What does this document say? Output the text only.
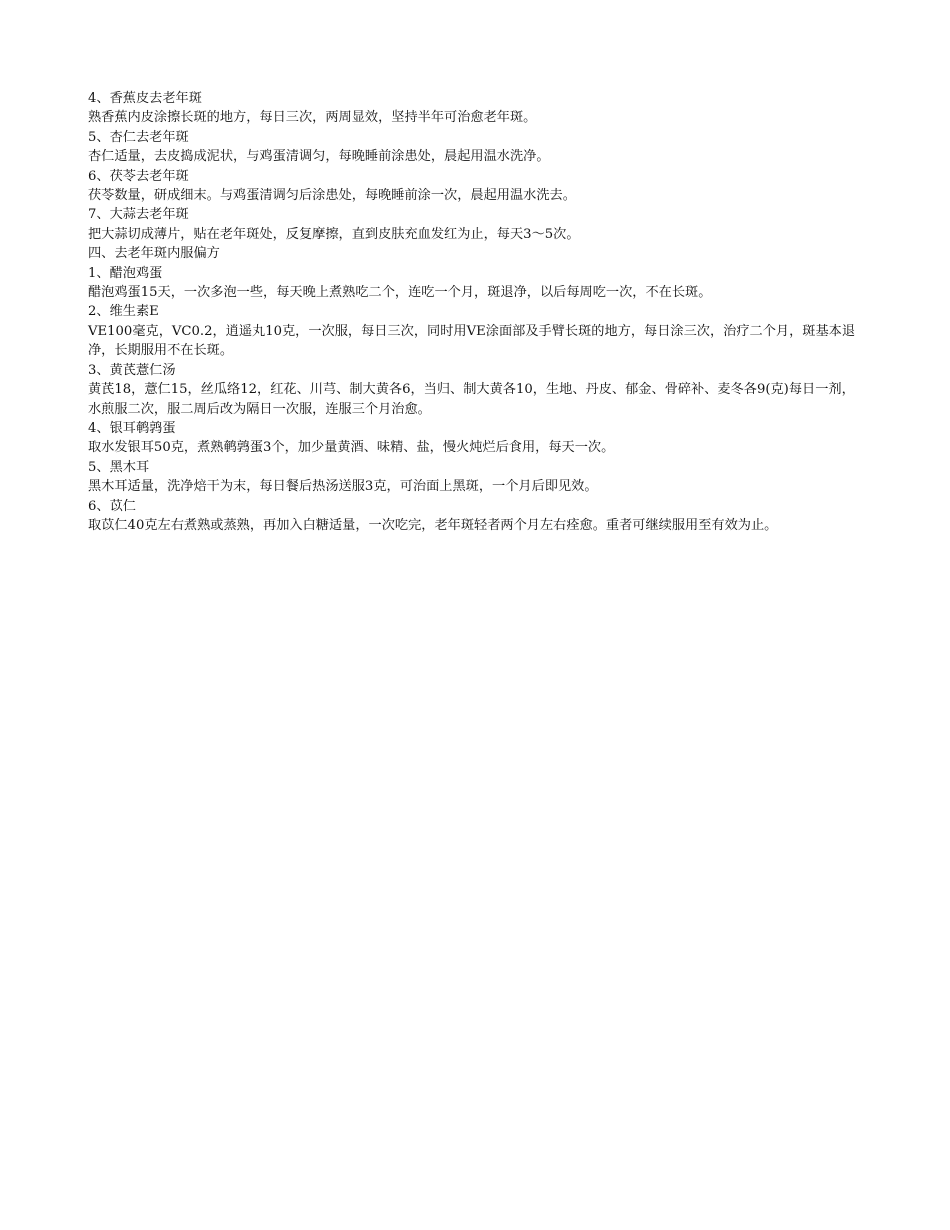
4、香蕉皮去老年斑

熟香蕉内皮涂擦长斑的地方，每日三次，两周显效，坚持半年可治愈老年斑。

5、杏仁去老年斑

杏仁适量，去皮捣成泥状，与鸡蛋清调匀，每晚睡前涂患处，晨起用温水洗净。

6、茯苓去老年斑

茯苓数量，研成细末。与鸡蛋清调匀后涂患处，每晚睡前涂一次，晨起用温水洗去。

7、大蒜去老年斑

把大蒜切成薄片，贴在老年斑处，反复摩擦，直到皮肤充血发红为止，每天3～5次。

四、去老年斑内服偏方

1、醋泡鸡蛋

醋泡鸡蛋15天，一次多泡一些，每天晚上煮熟吃二个，连吃一个月，斑退净，以后每周吃一次，不在长斑。

2、维生素E

VE100毫克，VC0.2，逍遥丸10克，一次服，每日三次，同时用VE涂面部及手臂长斑的地方，每日涂三次，治疗二个月，斑基本退净，长期服用不在长斑。

3、黄芪薏仁汤

黄芪18，薏仁15，丝瓜络12，红花、川芎、制大黄各6，当归、制大黄各10，生地、丹皮、郁金、骨碎补、麦冬各9(克)每日一剂，水煎服二次，服二周后改为隔日一次服，连服三个月治愈。

4、银耳鹌鹑蛋

取水发银耳50克，煮熟鹌鹑蛋3个，加少量黄酒、味精、盐，慢火炖烂后食用，每天一次。

5、黑木耳

黑木耳适量，洗净焙干为末，每日餐后热汤送服3克，可治面上黑斑，一个月后即见效。

6、苡仁

取苡仁40克左右煮熟或蒸熟，再加入白糖适量，一次吃完，老年斑轻者两个月左右痊愈。重者可继续服用至有效为止。
